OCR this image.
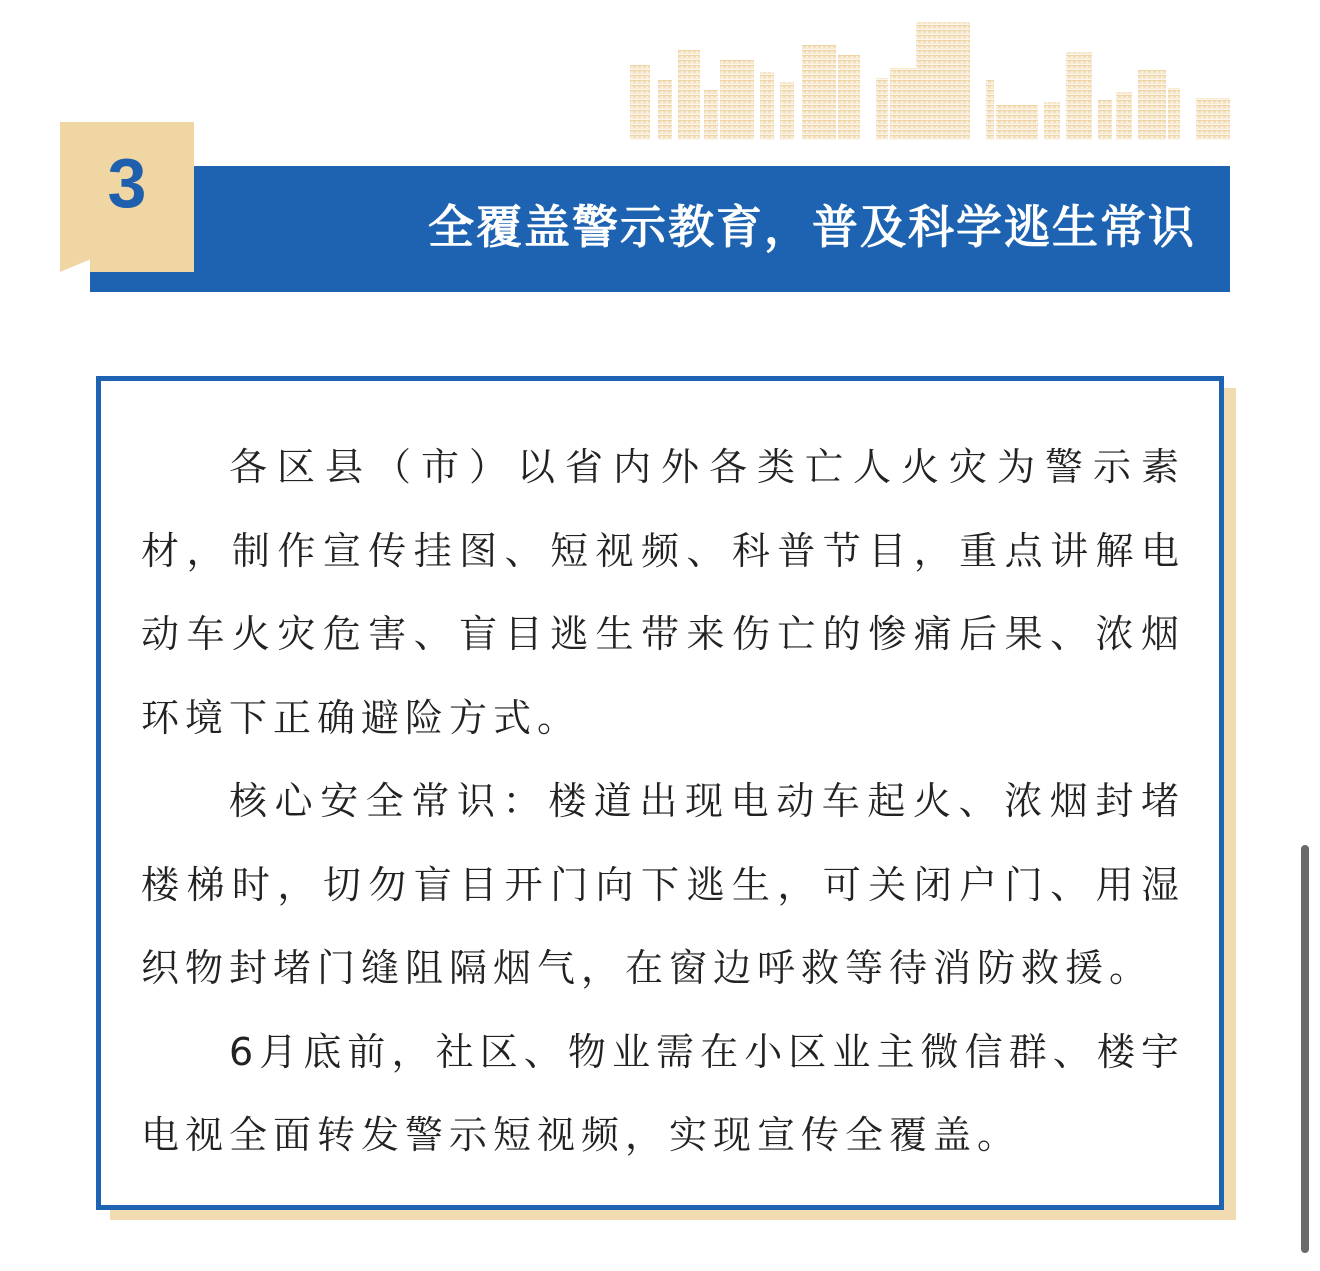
全覆盖警示教育，普及科学逃生常识
3

各区县（市）以省内外各类亡人火灾为警示素材，制作宣传挂图、短视频、科普节目，重点讲解电动车火灾危害、盲目逃生带来伤亡的惨痛后果、浓烟环境下正确避险方式。

核心安全常识：楼道出现电动车起火、浓烟封堵楼梯时，切勿盲目开门向下逃生，可关闭户门、用湿织物封堵门缝阻隔烟气，在窗边呼救等待消防救援。

6月底前，社区、物业需在小区业主微信群、楼宇电视全面转发警示短视频，实现宣传全覆盖。
